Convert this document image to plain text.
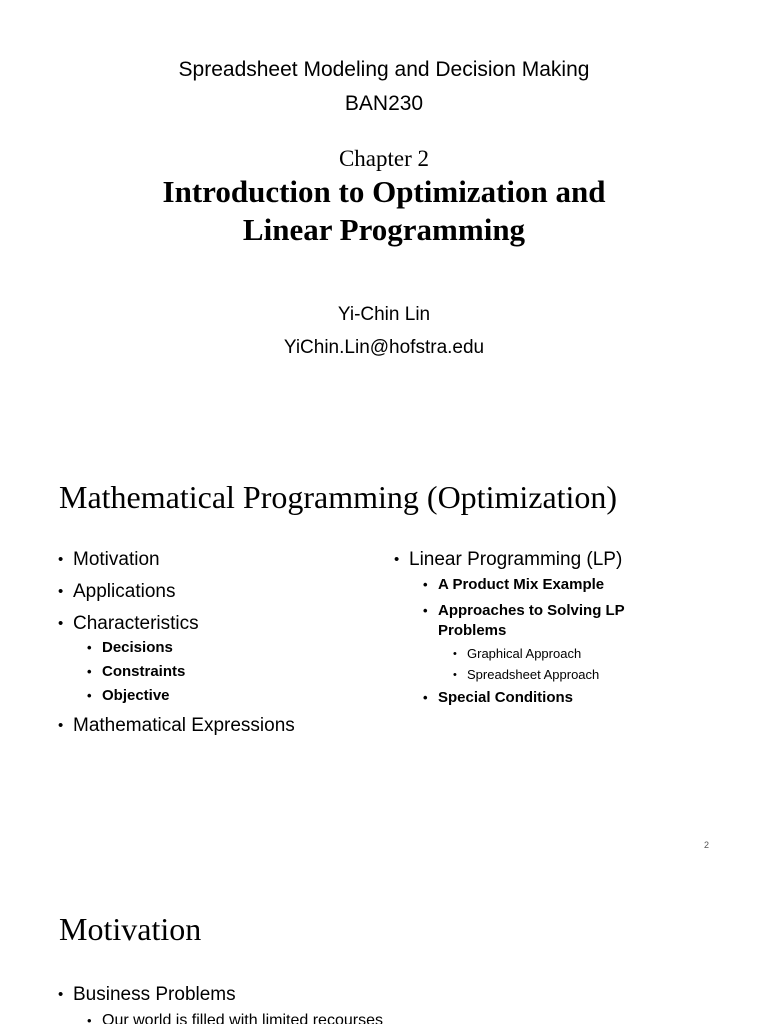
Spreadsheet Modeling and Decision Making
BAN230
Chapter 2
Introduction to Optimization and
Linear Programming
Yi-Chin Lin
YiChin.Lin@hofstra.edu
Mathematical Programming (Optimization)
• Motivation
• Applications
• Characteristics
• Decisions
• Constraints
• Objective
• Mathematical Expressions
• Linear Programming (LP)
• A Product Mix Example
• Approaches to Solving LP Problems
• Graphical Approach
• Spreadsheet Approach
• Special Conditions
2
Motivation
• Business Problems
• Our world is filled with limited recourses
